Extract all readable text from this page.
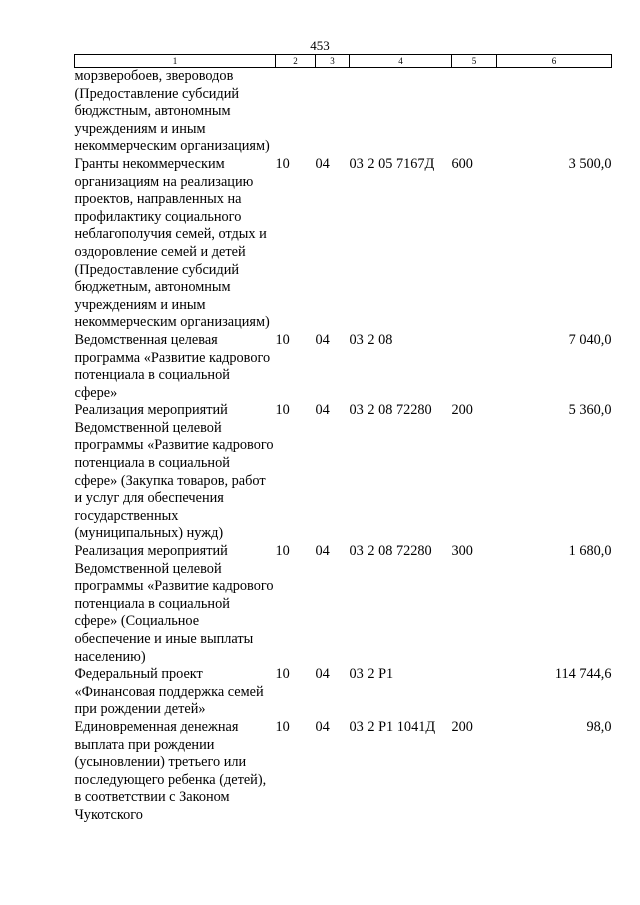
453
1	2	3	4	5	6
морзверобоев, звероводов (Предоставление субсидий бюджстным, автономным учреждениям и иным некоммерческим организациям)					
Гранты некоммерческим организациям на реализацию проектов, направленных на профилактику социального неблагополучия семей, отдых и оздоровление семей и детей (Предоставление субсидий бюджетным, автономным учреждениям и иным некоммерческим организациям)	10	04	03 2 05 7167Д	600	3 500,0
Ведомственная целевая программа «Развитие кадрового потенциала в социальной сфере»	10	04	03 2 08		7 040,0
Реализация мероприятий Ведомственной целевой программы «Развитие кадрового потенциала в социальной сфере» (Закупка товаров, работ и услуг для обеспечения государственных (муниципальных) нужд)	10	04	03 2 08 72280	200	5 360,0
Реализация мероприятий Ведомственной целевой программы «Развитие кадрового потенциала в социальной сфере» (Социальное обеспечение и иные выплаты населению)	10	04	03 2 08 72280	300	1 680,0
Федеральный проект «Финансовая поддержка семей при рождении детей»	10	04	03 2 P1		114 744,6
Единовременная денежная выплата при рождении (усыновлении) третьего или последующего ребенка (детей), в соответствии с Законом Чукотского	10	04	03 2 P1 1041Д	200	98,0
